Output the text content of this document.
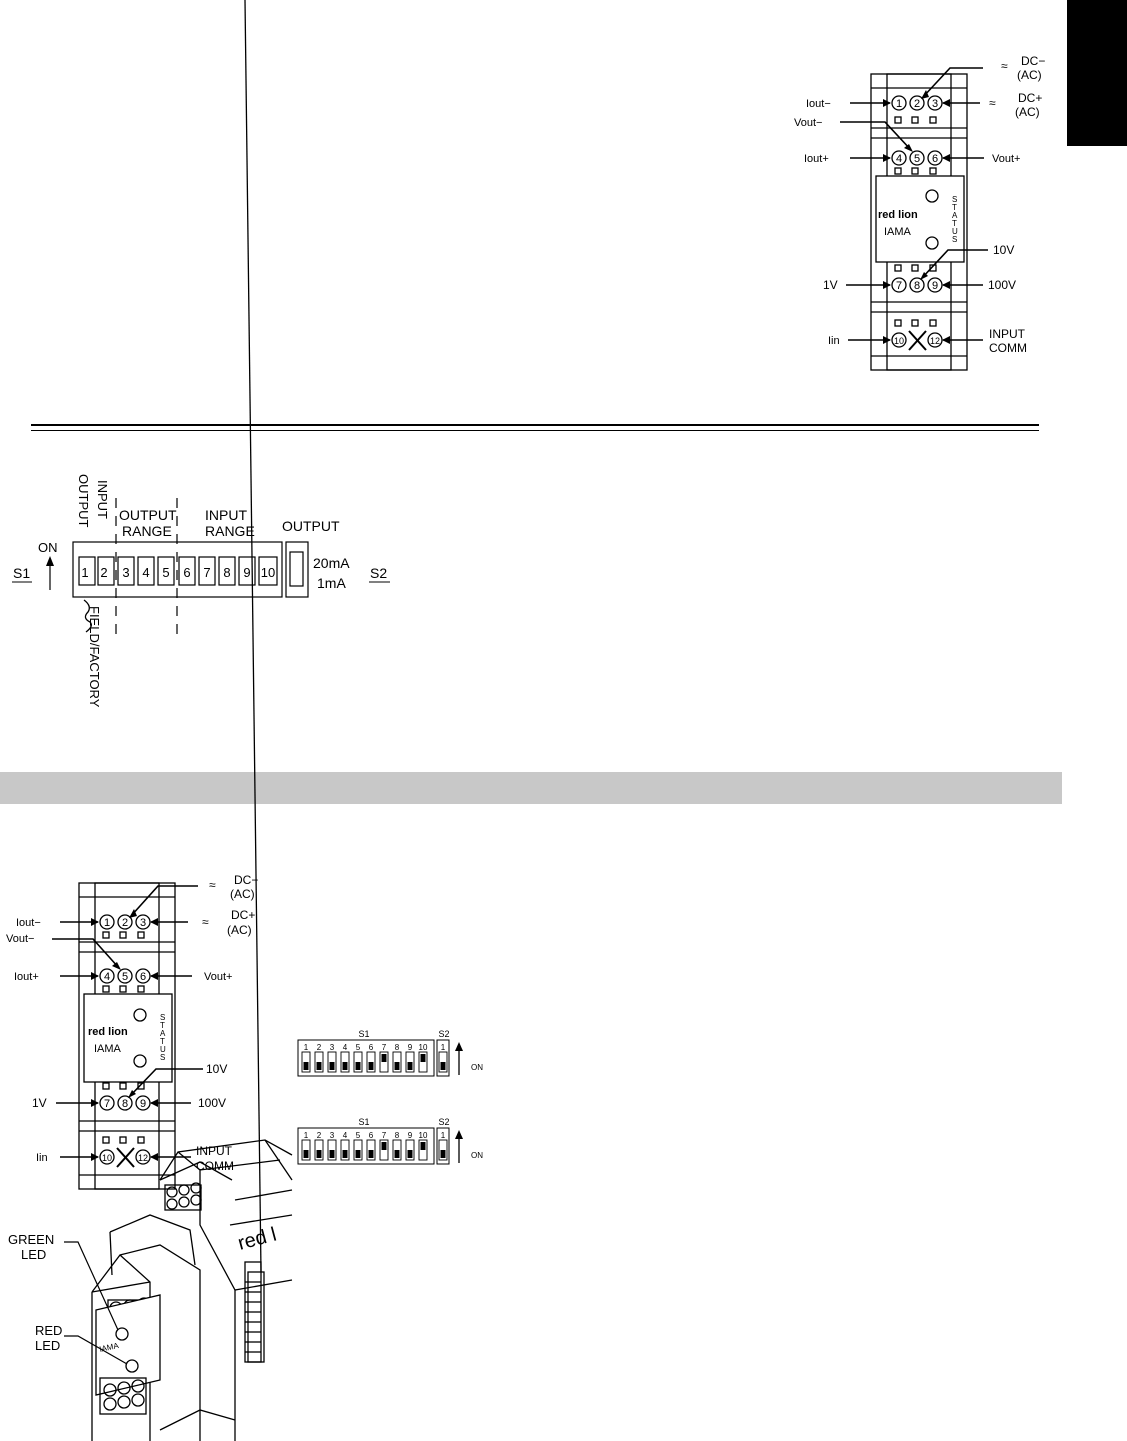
1 2 3
4 5 6
7 8 9
10	12
≈ DC−
(AC)
≈ DC+
(AC)
Iout−
Vout−
Iout+	Vout+
10V
1V	100V
Iin	INPUT
COMM
red lion
IAMA
S
T
A
T
U
S
1 2 3 4 5 6 7 8 9 10
S1
ON
S2
OUTPUT INPUT OUTPUT
RANGE
INPUT
RANGE OUTPUT
20mA
1mA
FIELD/FACTORY
1 2 3
4 5 6
7 8 9
10	12
≈ DC−
(AC)
≈ DC+
(AC)
Iout−
Vout−
Iout+	Vout+
10V
1V	100V
Iin	INPUT
COMM
red lion
IAMA
S
T
A
T
U
S
S1	S2
1 2 3 4 5 6 7 8 9 10 1
ON
S1	S2
1 2 3 4 5 6 7 8 9 10 1
ON
GREEN
LED
RED
LED
red l
IAMA
